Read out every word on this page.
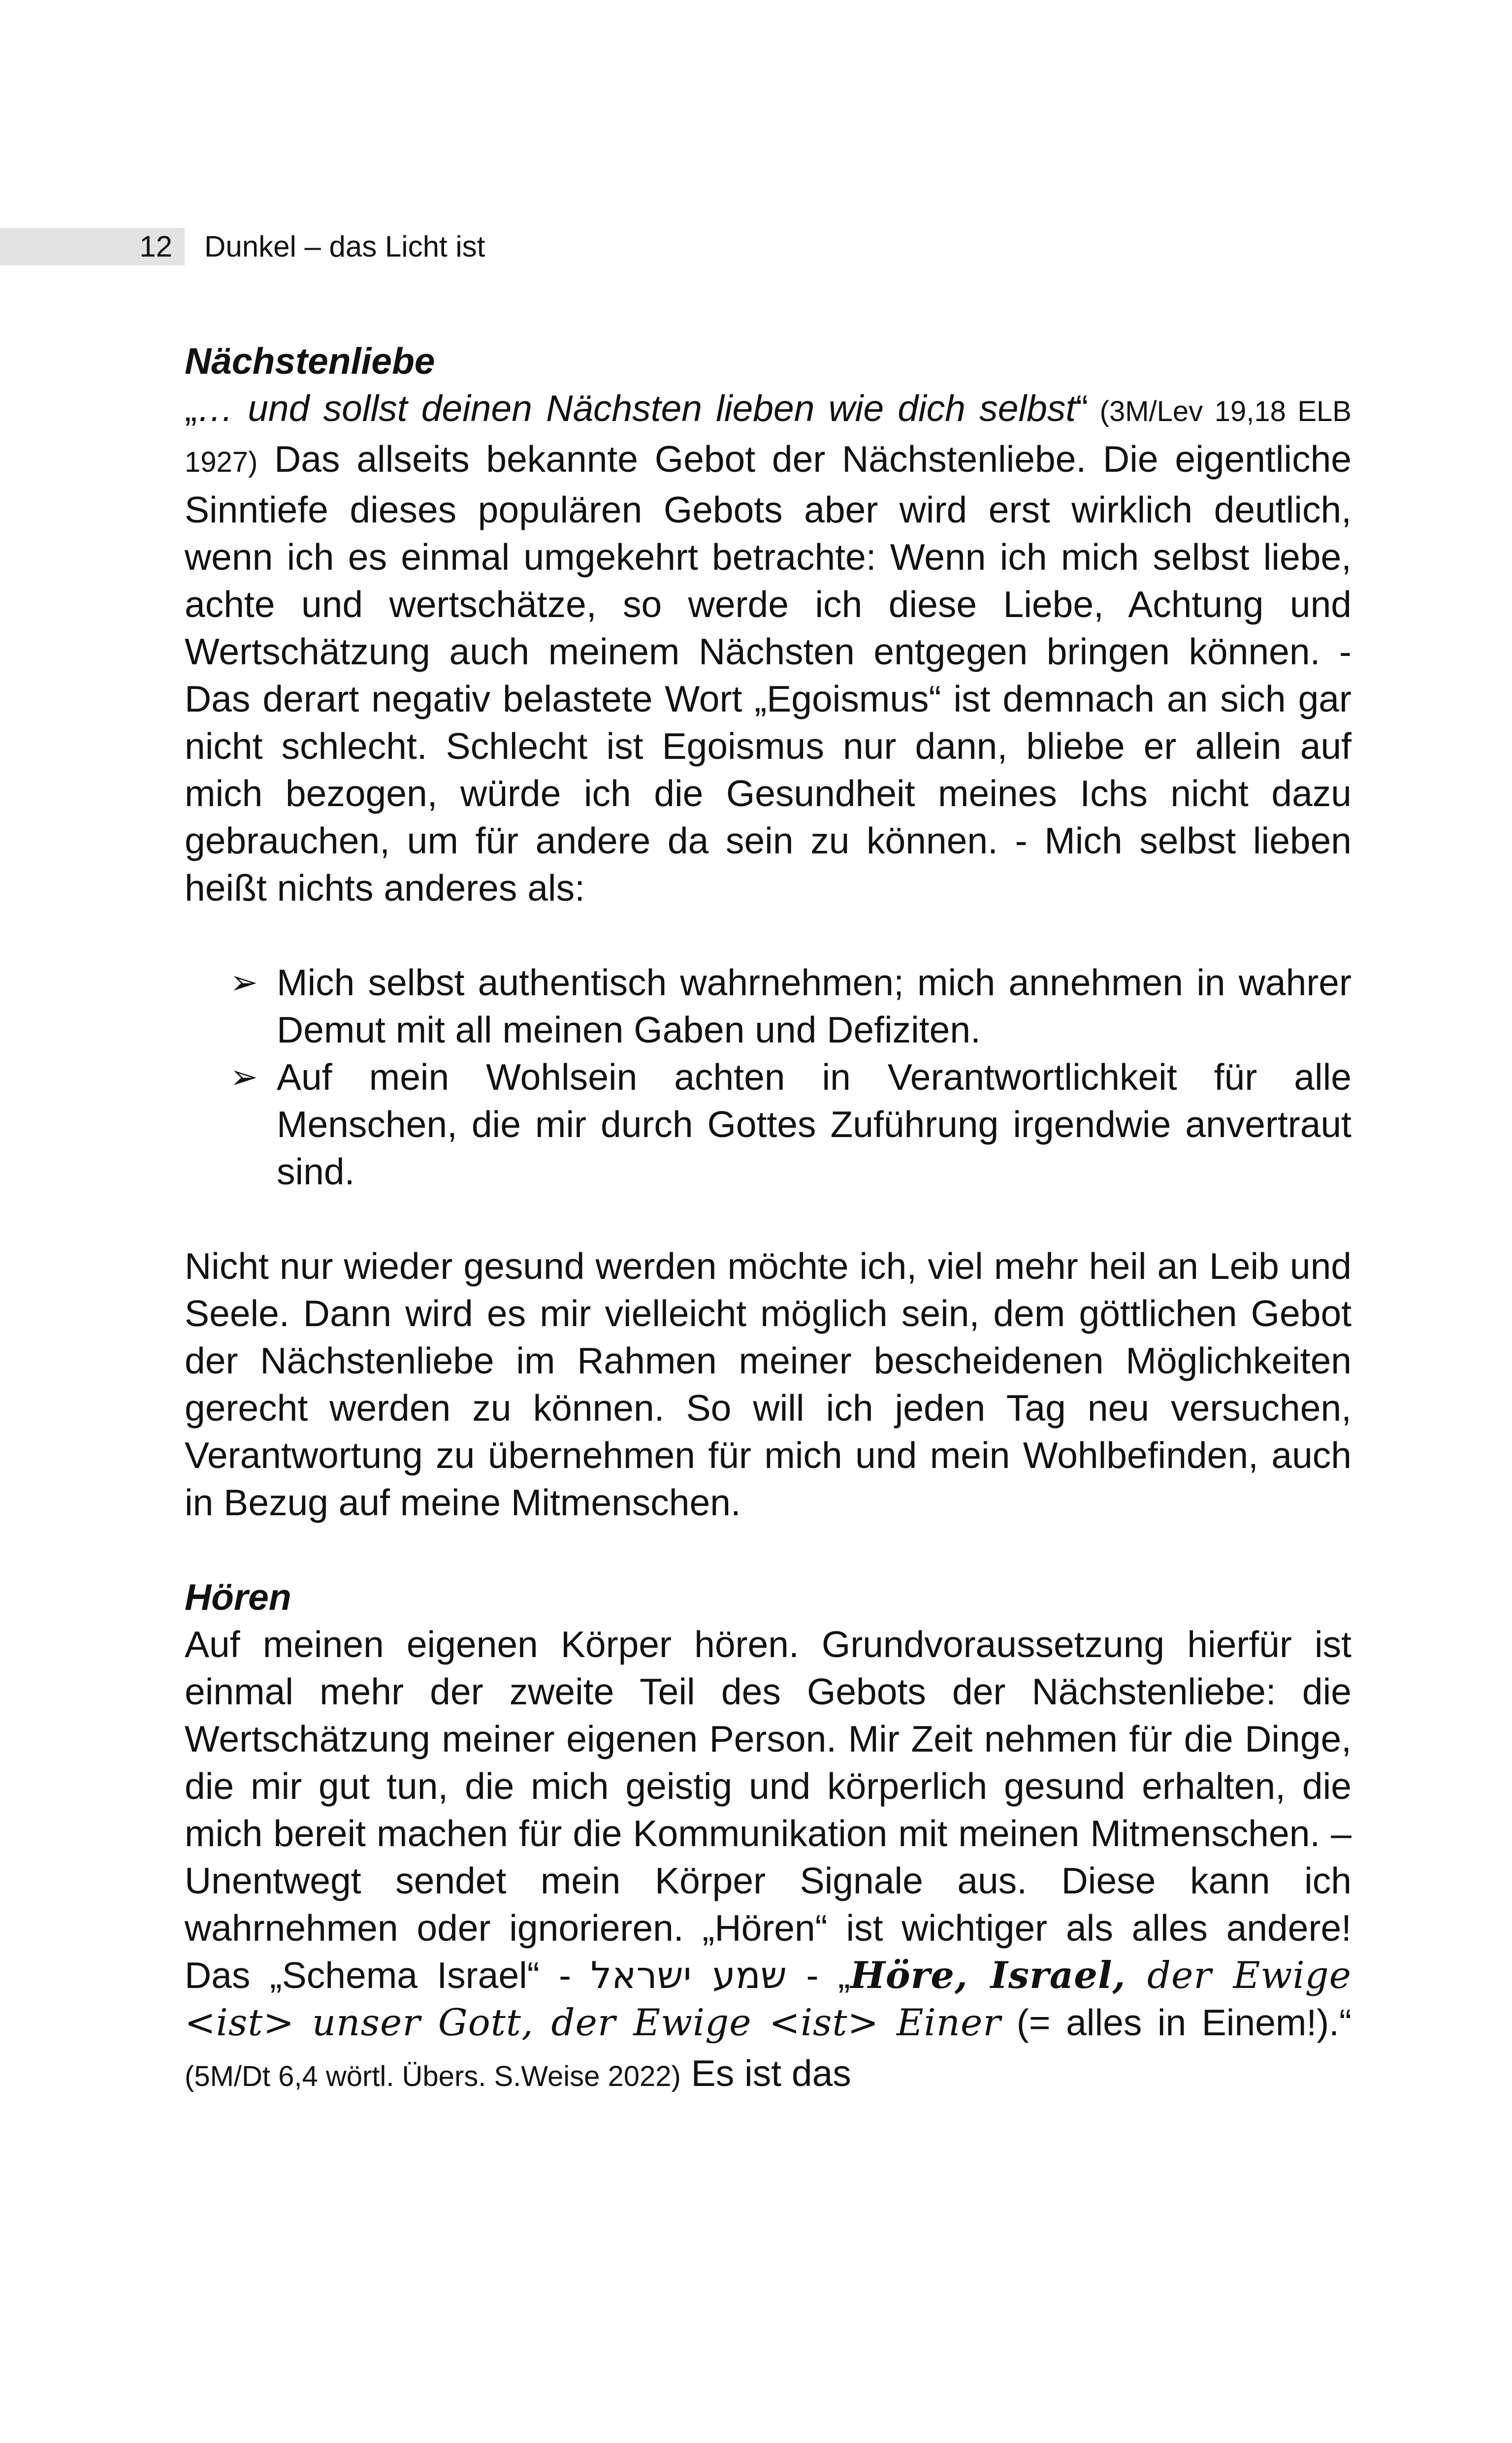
12 Dunkel – das Licht ist
Nächstenliebe

„… und sollst deinen Nächsten lieben wie dich selbst“ (3M/Lev 19,18 ELB 1927) Das allseits bekannte Gebot der Nächstenliebe. Die eigentliche Sinntiefe dieses populären Gebots aber wird erst wirklich deutlich, wenn ich es einmal umgekehrt betrachte: Wenn ich mich selbst liebe, achte und wertschätze, so werde ich diese Liebe, Achtung und Wertschätzung auch meinem Nächsten entgegen bringen können. - Das derart negativ belastete Wort „Egoismus“ ist demnach an sich gar nicht schlecht. Schlecht ist Egoismus nur dann, bliebe er allein auf mich bezogen, würde ich die Gesundheit meines Ichs nicht dazu gebrauchen, um für andere da sein zu können. - Mich selbst lieben heißt nichts anderes als:

➢ Mich selbst authentisch wahrnehmen; mich annehmen in wahrer Demut mit all meinen Gaben und Defiziten.
➢ Auf mein Wohlsein achten in Verantwortlichkeit für alle Menschen, die mir durch Gottes Zuführung irgendwie anvertraut sind.

Nicht nur wieder gesund werden möchte ich, viel mehr heil an Leib und Seele. Dann wird es mir vielleicht möglich sein, dem göttlichen Gebot der Nächstenliebe im Rahmen meiner bescheidenen Möglichkeiten gerecht werden zu können. So will ich jeden Tag neu versuchen, Verantwortung zu übernehmen für mich und mein Wohlbefinden, auch in Bezug auf meine Mitmenschen.

Hören

Auf meinen eigenen Körper hören. Grundvoraussetzung hierfür ist einmal mehr der zweite Teil des Gebots der Nächstenliebe: die Wertschätzung meiner eigenen Person. Mir Zeit nehmen für die Dinge, die mir gut tun, die mich geistig und körperlich gesund erhalten, die mich bereit machen für die Kommunikation mit meinen Mitmenschen. – Unentwegt sendet mein Körper Signale aus. Diese kann ich wahrnehmen oder ignorieren. „Hören“ ist wichtiger als alles andere! Das „Schema Israel“ - שמע ישראל - „Höre, Israel, der Ewige <ist> unser Gott, der Ewige <ist> Einer (= alles in Einem!).“ (5M/Dt 6,4 wörtl. Übers. S.Weise 2022) Es ist das
